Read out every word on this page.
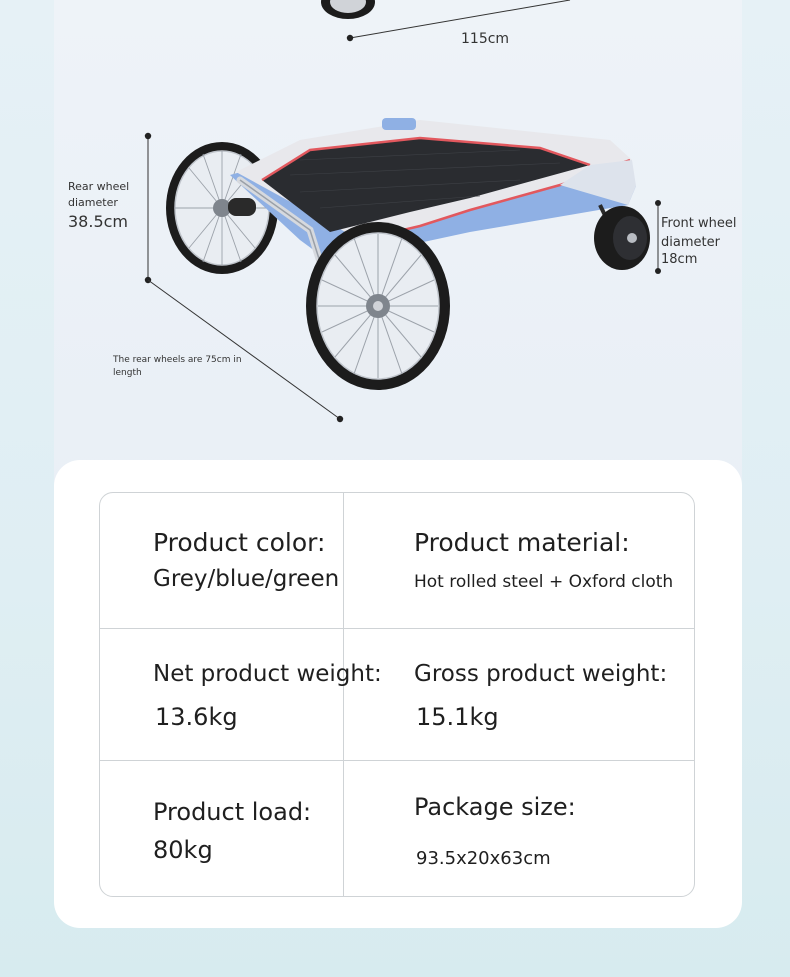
115cm
Rear wheel diameter
38.5cm	Front wheel diameter
18cm
The rear wheels are 75cm in length
Product color:
Grey/blue/green
Product material:
Hot rolled steel + Oxford cloth
Net product weight:
13.6kg
Gross product weight:
15.1kg
Product load:
80kg
Package size:
93.5x20x63cm
